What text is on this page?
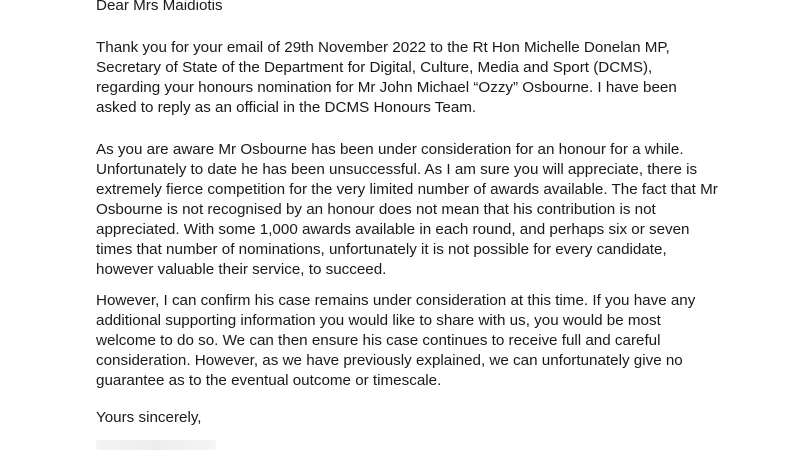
Dear Mrs Maidiotis

Thank you for your email of 29th November 2022 to the Rt Hon Michelle Donelan MP,

Secretary of State of the Department for Digital, Culture, Media and Sport (DCMS),

regarding your honours nomination for Mr John Michael “Ozzy” Osbourne. I have been

asked to reply as an official in the DCMS Honours Team.

As you are aware Mr Osbourne has been under consideration for an honour for a while.

Unfortunately to date he has been unsuccessful. As I am sure you will appreciate, there is

extremely fierce competition for the very limited number of awards available. The fact that Mr

Osbourne is not recognised by an honour does not mean that his contribution is not

appreciated. With some 1,000 awards available in each round, and perhaps six or seven

times that number of nominations, unfortunately it is not possible for every candidate,

however valuable their service, to succeed.

However, I can confirm his case remains under consideration at this time. If you have any

additional supporting information you would like to share with us, you would be most

welcome to do so. We can then ensure his case continues to receive full and careful

consideration. However, as we have previously explained, we can unfortunately give no

guarantee as to the eventual outcome or timescale.

Yours sincerely,
